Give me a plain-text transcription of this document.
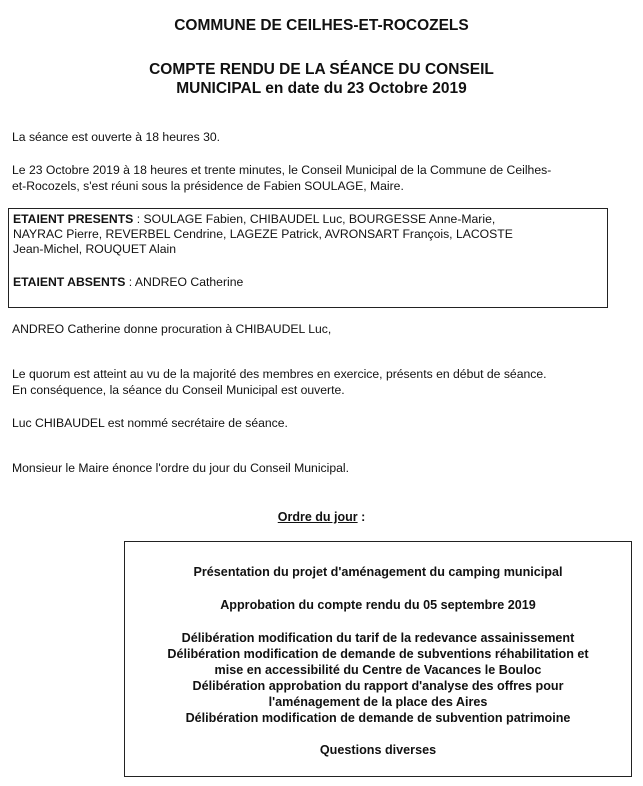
COMMUNE DE CEILHES-ET-ROCOZELS
COMPTE RENDU DE LA SÉANCE DU CONSEIL
MUNICIPAL en date du 23 Octobre 2019

La séance est ouverte à 18 heures 30.

Le 23 Octobre 2019 à 18 heures et trente minutes, le Conseil Municipal de la Commune de Ceilhes-
et-Rocozels, s'est réuni sous la présidence de Fabien SOULAGE, Maire.

ETAIENT PRESENTS : SOULAGE Fabien, CHIBAUDEL Luc, BOURGESSE Anne-Marie,

NAYRAC Pierre, REVERBEL Cendrine, LAGEZE Patrick, AVRONSART François, LACOSTE

Jean-Michel, ROUQUET Alain

ETAIENT ABSENTS : ANDREO Catherine

ANDREO Catherine donne procuration à CHIBAUDEL Luc,

Le quorum est atteint au vu de la majorité des membres en exercice, présents en début de séance.
En conséquence, la séance du Conseil Municipal est ouverte.

Luc CHIBAUDEL est nommé secrétaire de séance.

Monsieur le Maire énonce l'ordre du jour du Conseil Municipal.

Ordre du jour :

Présentation du projet d'aménagement du camping municipal

Approbation du compte rendu du 05 septembre 2019

Délibération modification du tarif de la redevance assainissement

Délibération modification de demande de subventions réhabilitation et

mise en accessibilité du Centre de Vacances le Bouloc

Délibération approbation du rapport d'analyse des offres pour

l'aménagement de la place des Aires

Délibération modification de demande de subvention patrimoine

Questions diverses
